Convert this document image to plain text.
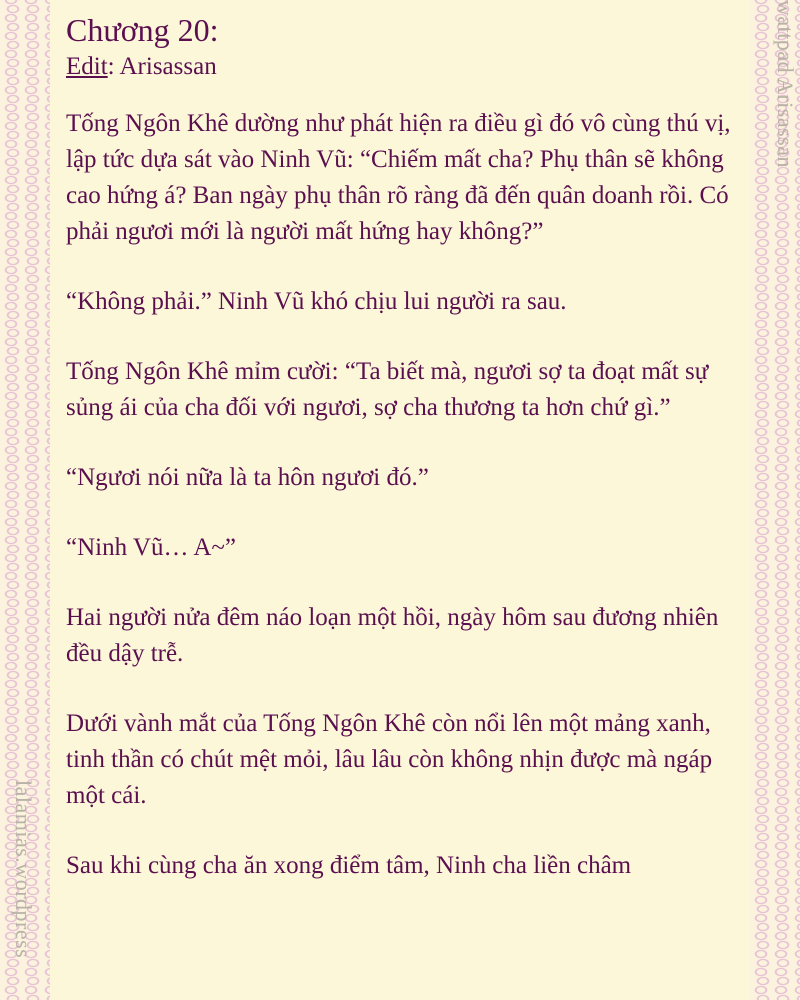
wattpad Arisassan
lalamias.wordpress
Chương 20:

Edit: Arisassan

Tống Ngôn Khê dường như phát hiện ra điều gì đó vô cùng thú vị, lập tức dựa sát vào Ninh Vũ: “Chiếm mất cha? Phụ thân sẽ không cao hứng á? Ban ngày phụ thân rõ ràng đã đến quân doanh rồi. Có phải ngươi mới là người mất hứng hay không?”

“Không phải.” Ninh Vũ khó chịu lui người ra sau.

Tống Ngôn Khê mỉm cười: “Ta biết mà, ngươi sợ ta đoạt mất sự sủng ái của cha đối với ngươi, sợ cha thương ta hơn chứ gì.”

“Ngươi nói nữa là ta hôn ngươi đó.”

“Ninh Vũ… A~”

Hai người nửa đêm náo loạn một hồi, ngày hôm sau đương nhiên đều dậy trễ.

Dưới vành mắt của Tống Ngôn Khê còn nổi lên một mảng xanh, tinh thần có chút mệt mỏi, lâu lâu còn không nhịn được mà ngáp một cái.

Sau khi cùng cha ăn xong điểm tâm, Ninh cha liền châm
